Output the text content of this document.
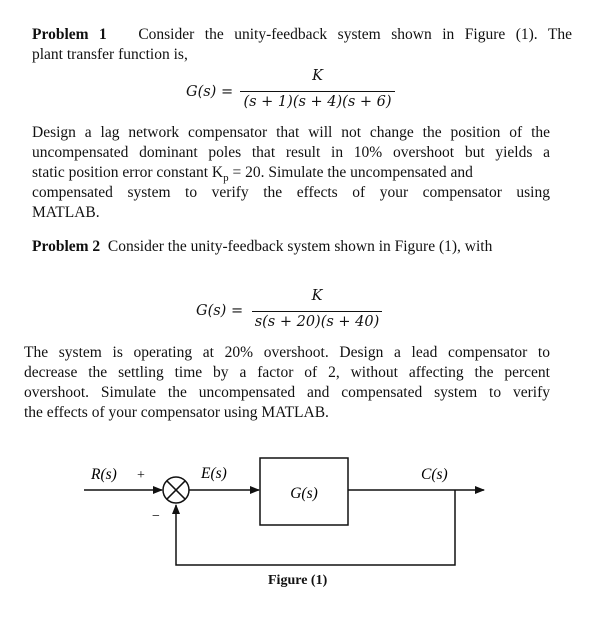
Problem 1 Consider the unity-feedback system shown in Figure (1). The
plant transfer function is,
G(s) =
K
(s + 1)(s + 4)(s + 6)
Design a lag network compensator that will not change the position of the
uncompensated dominant poles that result in 10% overshoot but yields a
static position error constant $K_p = 20$. Simulate the uncompensated and
compensated system to verify the effects of your compensator using
MATLAB.
Problem 2 Consider the unity-feedback system shown in Figure (1), with
G(s) =
K
s(s + 20)(s + 40)
The system is operating at 20% overshoot. Design a lead compensator to
decrease the settling time by a factor of 2, without affecting the percent
overshoot. Simulate the uncompensated and compensated system to verify
the effects of your compensator using MATLAB.
R(s) +
−
E(s)
G(s)
C(s)
Figure (1)
